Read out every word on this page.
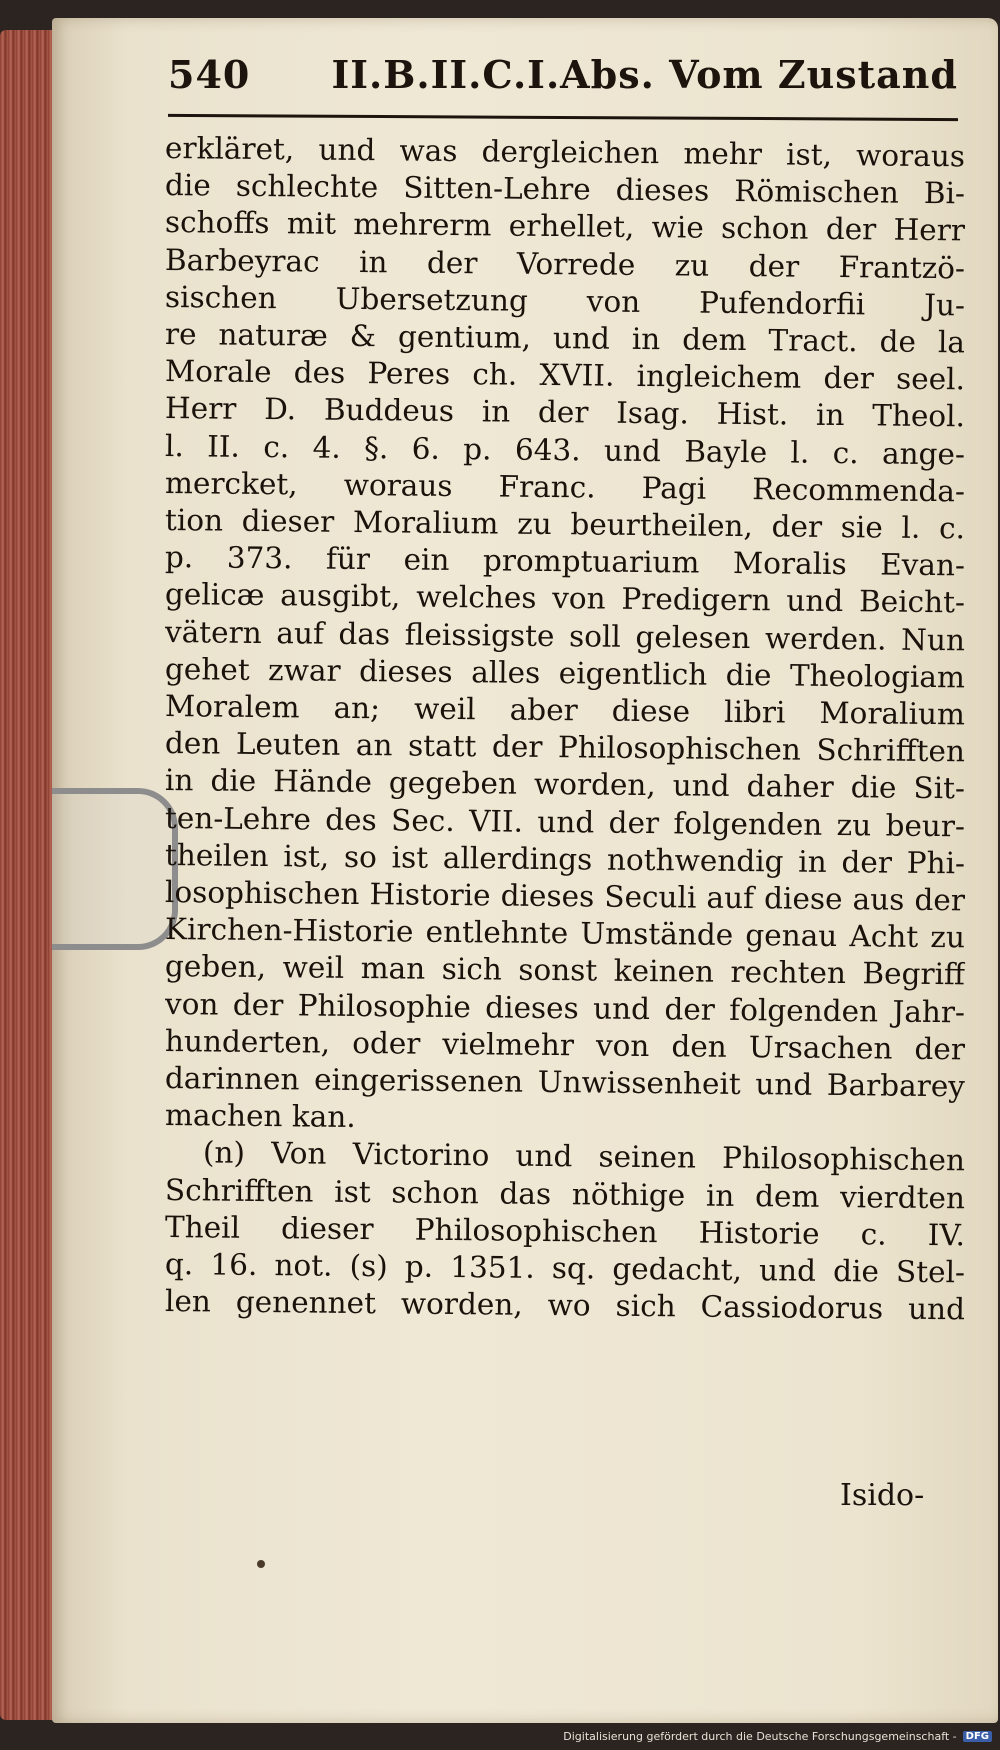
540	II.B.II.C.I.Abs. Vom Zustand
erkläret, und was dergleichen mehr ist, woraus
die schlechte Sitten-Lehre dieses Römischen Bi-
schoffs mit mehrerm erhellet, wie schon der Herr
Barbeyrac in der Vorrede zu der Frantzö-
sischen Ubersetzung von Pufendorfii Ju-
re naturæ & gentium, und in dem Tract. de la
Morale des Peres ch. XVII. ingleichem der seel.
Herr D. Buddeus in der Isag. Hist. in Theol.
l. II. c. 4. §. 6. p. 643. und Bayle l. c. ange-
mercket, woraus Franc. Pagi Recommenda-
tion dieser Moralium zu beurtheilen, der sie l. c.
p. 373. für ein promptuarium Moralis Evan-
gelicæ ausgibt, welches von Predigern und Beicht-
vätern auf das fleissigste soll gelesen werden. Nun
gehet zwar dieses alles eigentlich die Theologiam
Moralem an; weil aber diese libri Moralium
den Leuten an statt der Philosophischen Schrifften
in die Hände gegeben worden, und daher die Sit-
ten-Lehre des Sec. VII. und der folgenden zu beur-
theilen ist, so ist allerdings nothwendig in der Phi-
losophischen Historie dieses Seculi auf diese aus der
Kirchen-Historie entlehnte Umstände genau Acht zu
geben, weil man sich sonst keinen rechten Begriff
von der Philosophie dieses und der folgenden Jahr-
hunderten, oder vielmehr von den Ursachen der
darinnen eingerissenen Unwissenheit und Barbarey
machen kan.
(n) Von Victorino und seinen Philosophischen
Schrifften ist schon das nöthige in dem vierdten
Theil dieser Philosophischen Historie c. IV.
q. 16. not. (s) p. 1351. sq. gedacht, und die Stel-
len genennet worden, wo sich Cassiodorus und
Isido-
Digitalisierung gefördert durch die Deutsche Forschungsgemeinschaft - DFG
